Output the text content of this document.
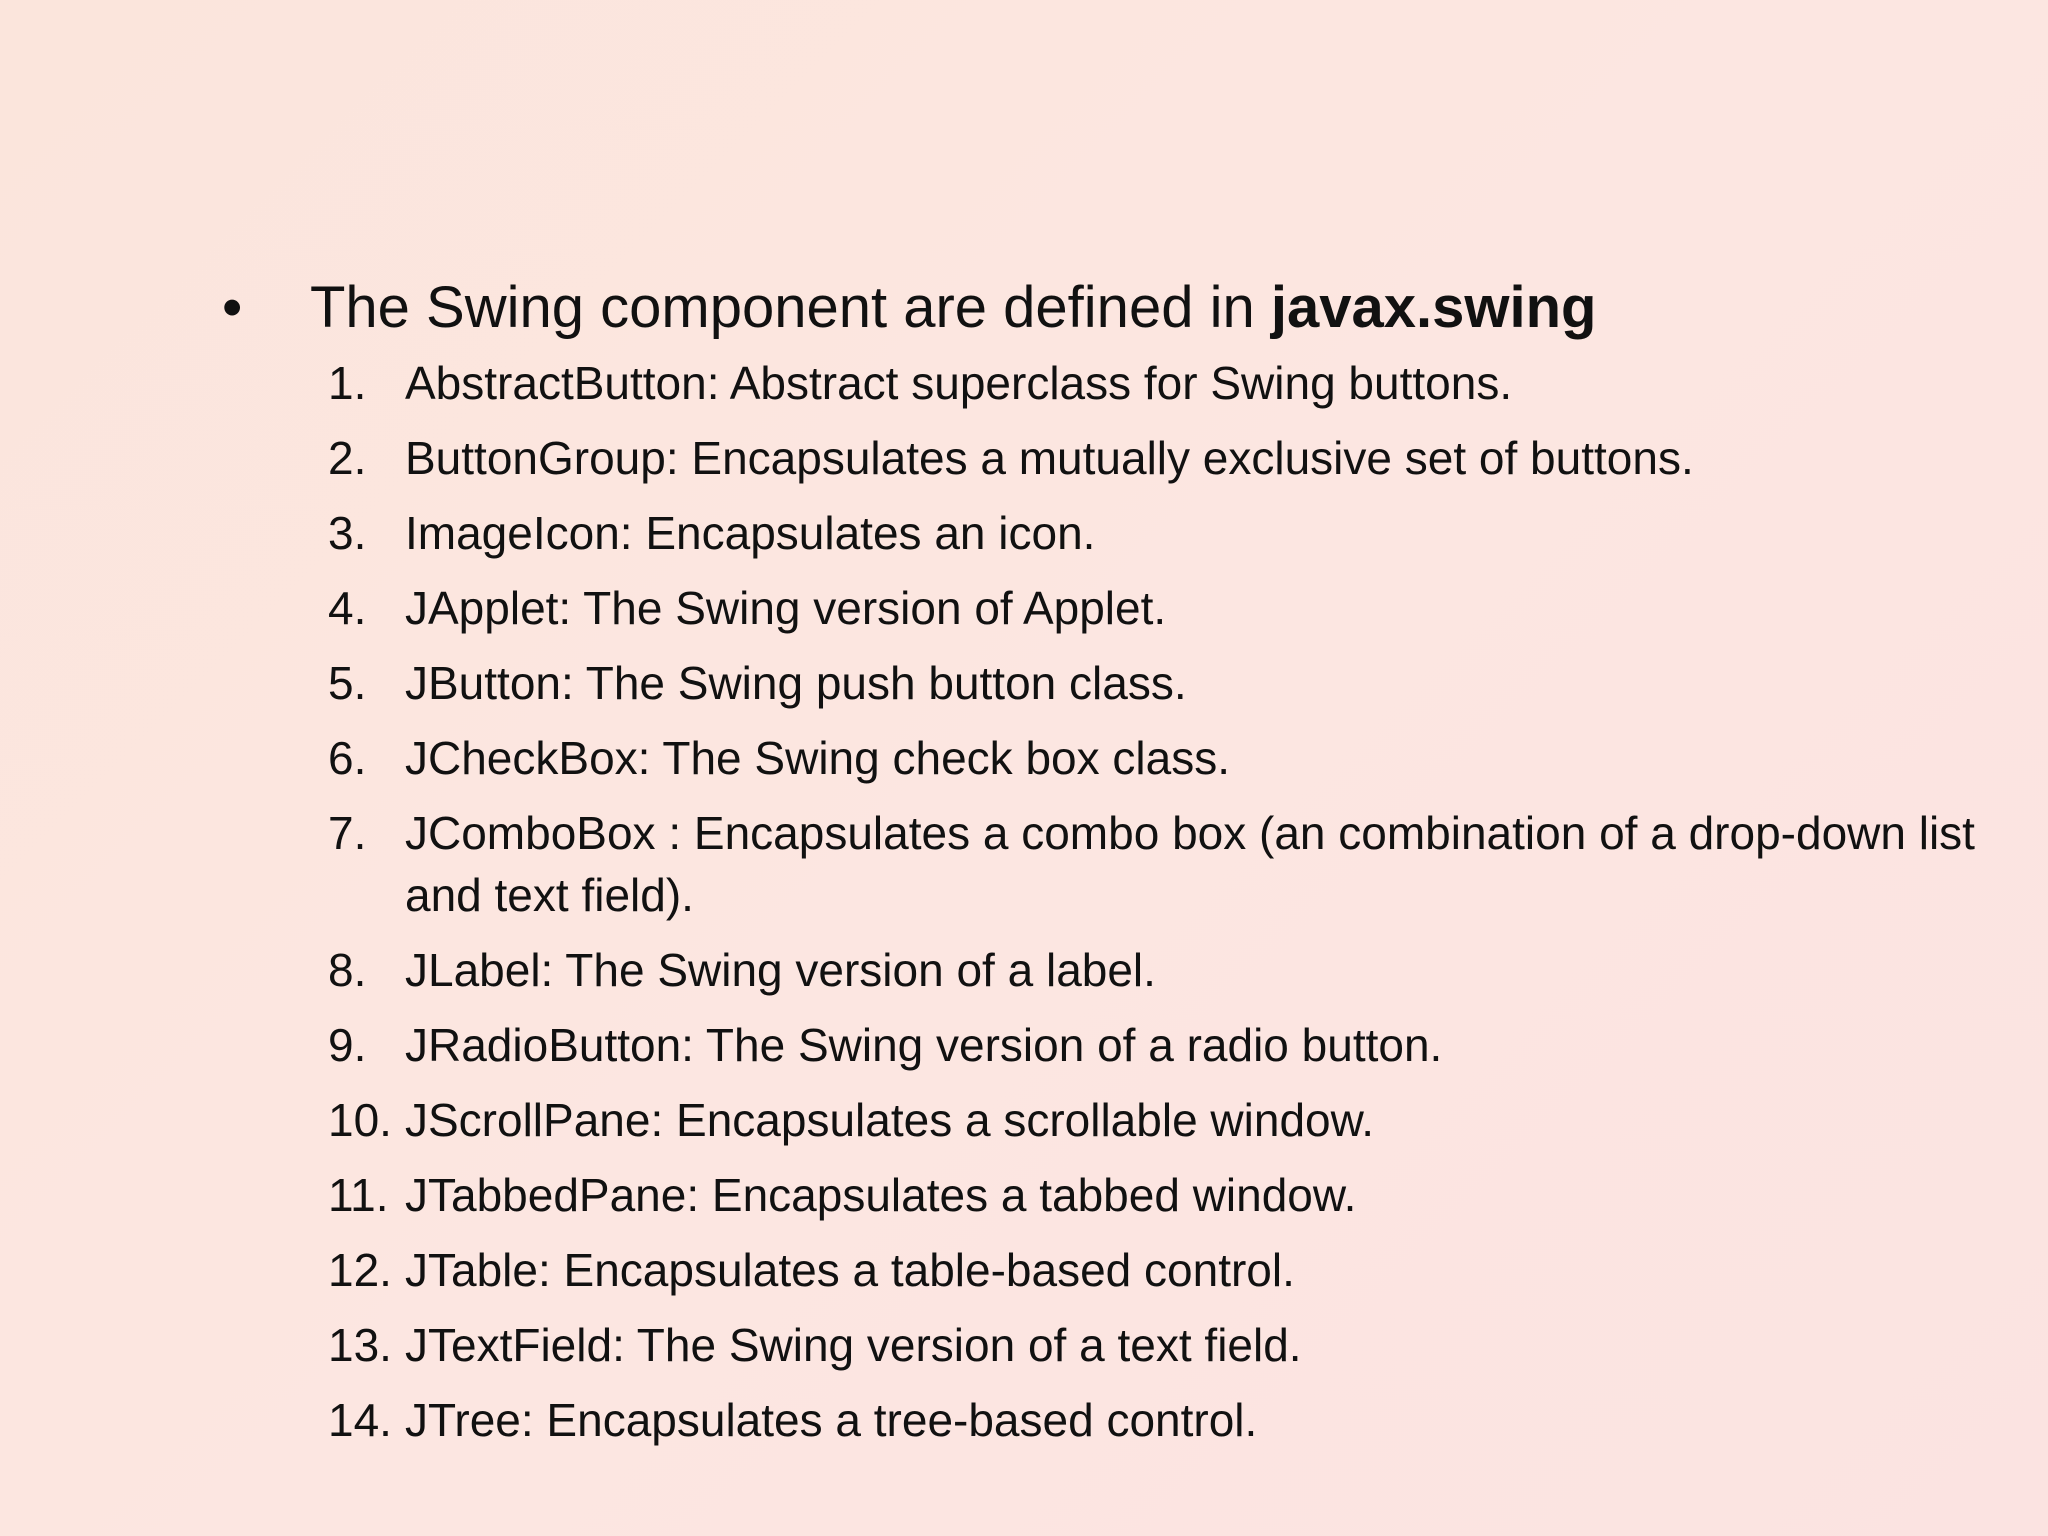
•	The Swing component are defined in javax.swing
1. AbstractButton: Abstract superclass for Swing buttons.
2. ButtonGroup: Encapsulates a mutually exclusive set of buttons.
3. ImageIcon: Encapsulates an icon.
4. JApplet: The Swing version of Applet.
5. JButton: The Swing push button class.
6. JCheckBox: The Swing check box class.
7. JComboBox : Encapsulates a combo box (an combination of a drop-down list and text field).
8. JLabel: The Swing version of a label.
9. JRadioButton: The Swing version of a radio button.
10. JScrollPane: Encapsulates a scrollable window.
11. JTabbedPane: Encapsulates a tabbed window.
12. JTable: Encapsulates a table-based control.
13. JTextField: The Swing version of a text field.
14. JTree: Encapsulates a tree-based control.
